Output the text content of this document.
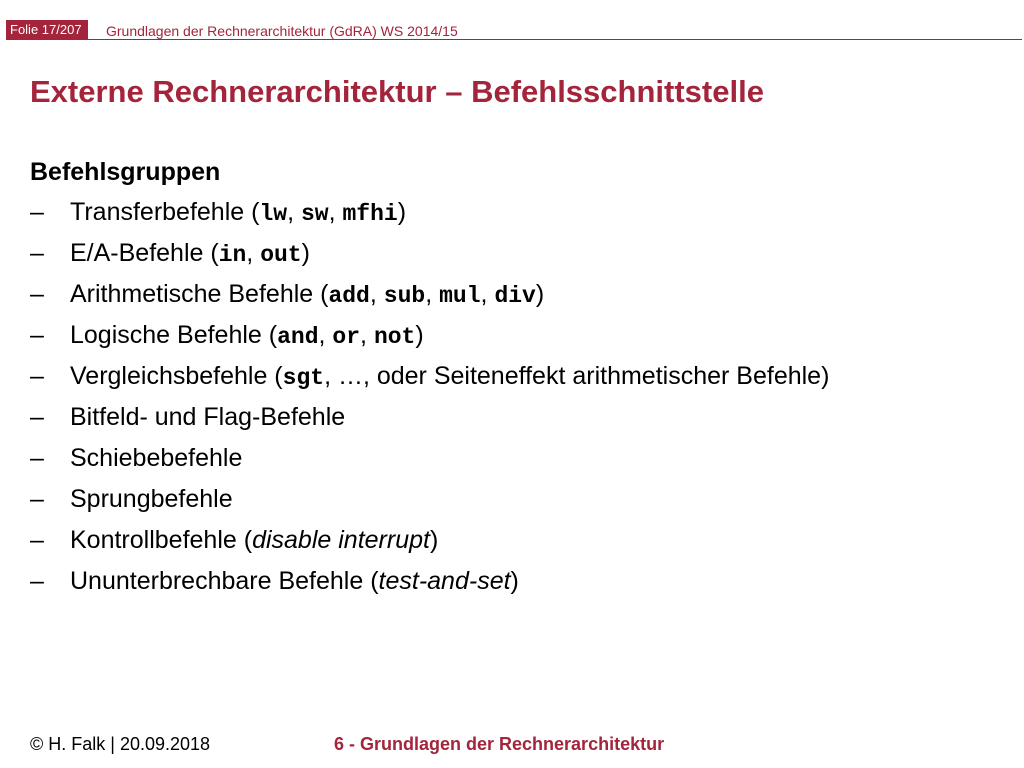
Folie 17/207	Grundlagen der Rechnerarchitektur (GdRA) WS 2014/15
Externe Rechnerarchitektur – Befehlsschnittstelle
Befehlsgruppen
–	Transferbefehle (lw, sw, mfhi)
–	E/A-Befehle (in, out)
–	Arithmetische Befehle (add, sub, mul, div)
–	Logische Befehle (and, or, not)
–	Vergleichsbefehle (sgt, …, oder Seiteneffekt arithmetischer Befehle)
–	Bitfeld- und Flag-Befehle
–	Schiebebefehle
–	Sprungbefehle
–	Kontrollbefehle (disable interrupt)
–	Ununterbrechbare Befehle (test-and-set)
© H. Falk | 20.09.2018	6 - Grundlagen der Rechnerarchitektur
